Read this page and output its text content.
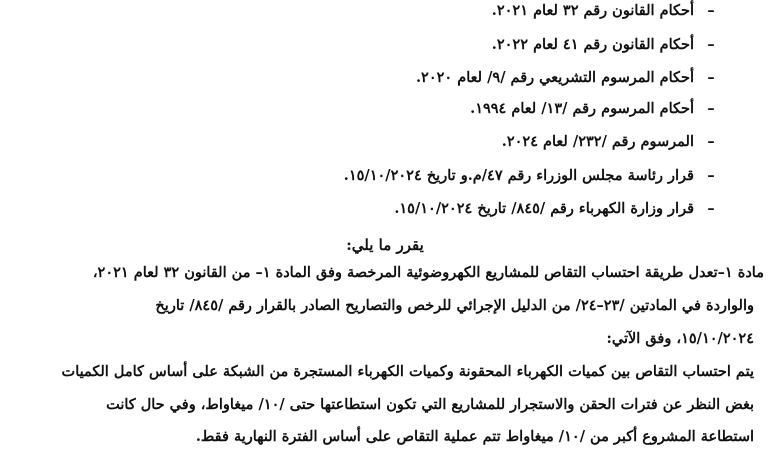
–
أحكام القانون رقم ٣٢ لعام ٢٠٢١.
–
أحكام القانون رقم ٤١ لعام ٢٠٢٢.
–
أحكام المرسوم التشريعي رقم /٩/ لعام ٢٠٢٠.
–
أحكام المرسوم رقم /١٣/ لعام ١٩٩٤.
–
المرسوم رقم /٢٣٢/ لعام ٢٠٢٤.
–
قرار رئاسة مجلس الوزراء رقم ٤٧/م.و تاريخ ١٥/١٠/٢٠٢٤.
–
قرار وزارة الكهرباء رقم /٨٤٥/ تاريخ ١٥/١٠/٢٠٢٤.
يقرر ما يلي:
مادة ١–تعدل طريقة احتساب التقاص للمشاريع الكهروضوئية المرخصة وفق المادة ١– من القانون ٣٢ لعام ٢٠٢١،
والواردة في المادتين /٢٣–٢٤/ من الدليل الإجرائي للرخص والتصاريح الصادر بالقرار رقم /٨٤٥/ تاريخ
١٥/١٠/٢٠٢٤، وفق الآتي:
يتم احتساب التقاص بين كميات الكهرباء المحقونة وكميات الكهرباء المستجرة من الشبكة على أساس كامل الكميات
بغض النظر عن فترات الحقن والاستجرار للمشاريع التي تكون استطاعتها حتى /١٠/ ميغاواط، وفي حال كانت
استطاعة المشروع أكبر من /١٠/ ميغاواط تتم عملية التقاص على أساس الفترة النهارية فقط.
